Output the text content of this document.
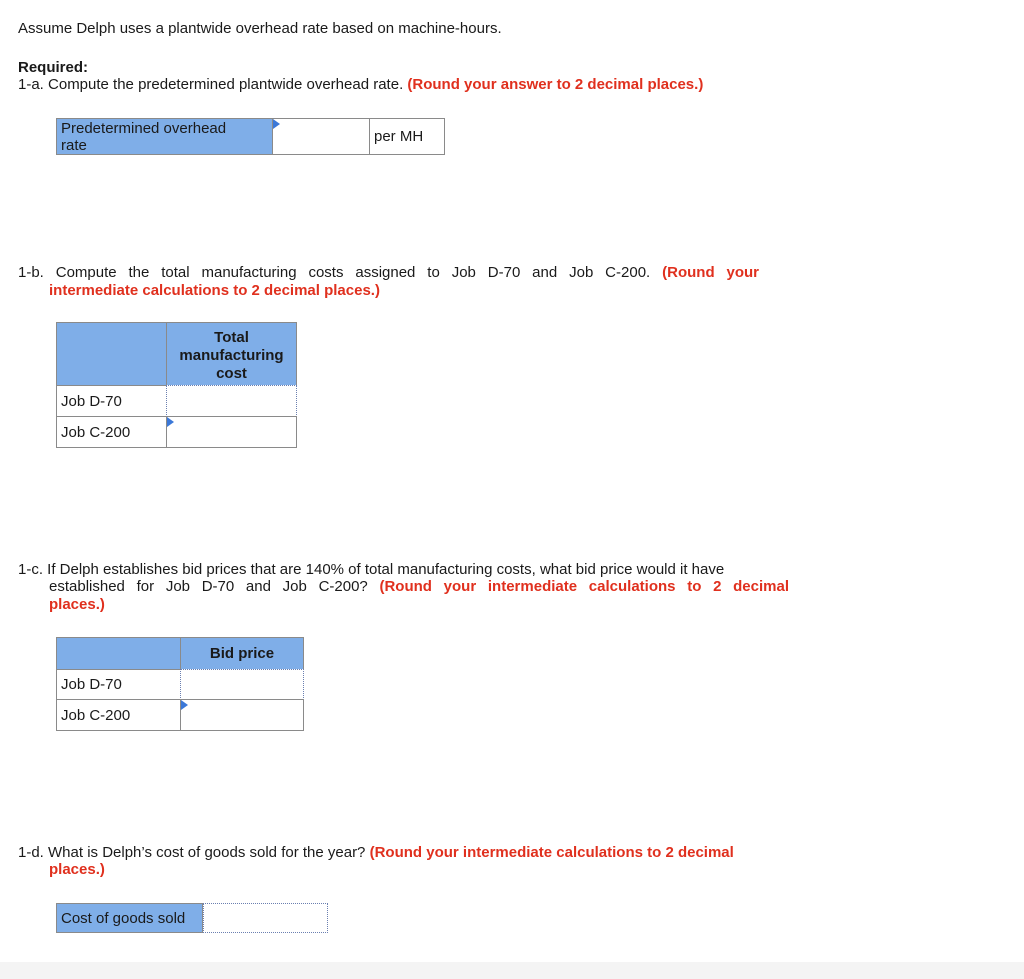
Assume Delph uses a plantwide overhead rate based on machine-hours.
Required:
1-a. Compute the predetermined plantwide overhead rate. (Round your answer to 2 decimal places.)
Predetermined overhead
rate
per MH
1-b. Compute the total manufacturing costs assigned to Job D-70 and Job C-200. (Round your
intermediate calculations to 2 decimal places.)
Total
manufacturing
cost
Job D-70
Job C-200
1-c. If Delph establishes bid prices that are 140% of total manufacturing costs, what bid price would it have
established for Job D-70 and Job C-200? (Round your intermediate calculations to 2 decimal
places.)
Bid price
Job D-70
Job C-200
1-d. What is Delph’s cost of goods sold for the year? (Round your intermediate calculations to 2 decimal
places.)
Cost of goods sold
